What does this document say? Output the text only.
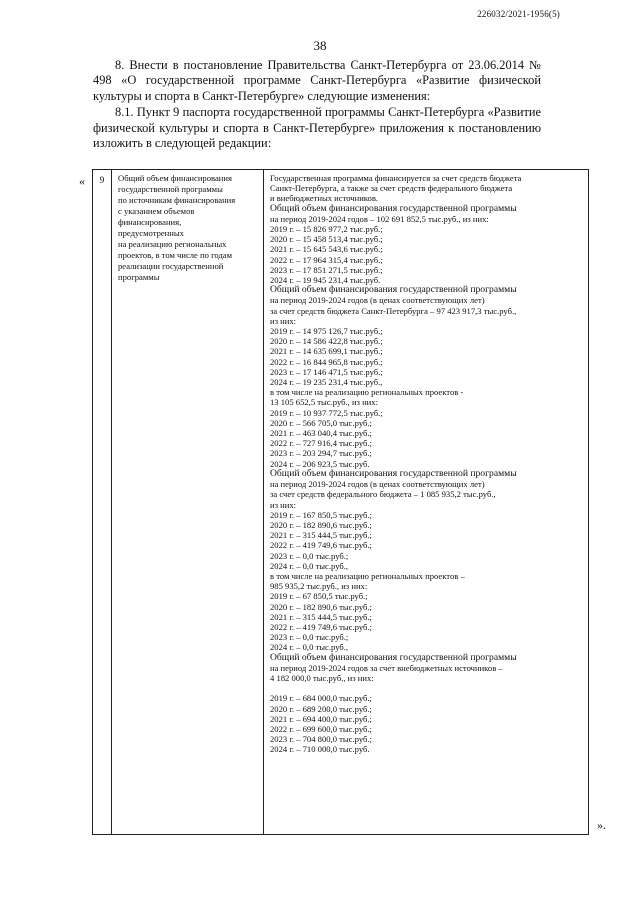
226032/2021-1956(5)
38

8. Внести в постановление Правительства Санкт-Петербурга от 23.06.2014 № 498 «О государственной программе Санкт-Петербурга «Развитие физической культуры и спорта в Санкт-Петербурге» следующие изменения:

8.1. Пункт 9 паспорта государственной программы Санкт-Петербурга «Развитие физической культуры и спорта в Санкт-Петербурге» приложения к постановлению изложить в следующей редакции:

«	9	Общий объем финансирования
государственной программы
по источникам финансирования
с указанием объемов
финансирования,
предусмотренных
на реализацию региональных
проектов, в том числе по годам
реализации государственной
программы
Государственная программа финансируется за счет средств бюджета
Санкт-Петербурга, а также за счет средств федерального бюджета
и внебюджетных источников.
Общий объем финансирования государственной программы
на период 2019-2024 годов – 102 691 852,5 тыс.руб., из них:
2019 г. – 15 826 977,2 тыс.руб.;
2020 г. – 15 458 513,4 тыс.руб.;
2021 г. – 15 645 543,6 тыс.руб.;
2022 г. – 17 964 315,4 тыс.руб.;
2023 г. – 17 851 271,5 тыс.руб.;
2024 г. – 19 945 231,4 тыс.руб.
Общий объем финансирования государственной программы
на период 2019-2024 годов (в ценах соответствующих лет)
за счет средств бюджета Санкт-Петербурга – 97 423 917,3 тыс.руб.,
из них:
2019 г. – 14 975 126,7 тыс.руб.;
2020 г. – 14 586 422,8 тыс.руб.;
2021 г. – 14 635 699,1 тыс.руб.;
2022 г. – 16 844 965,8 тыс.руб.;
2023 г. – 17 146 471,5 тыс.руб.;
2024 г. – 19 235 231,4 тыс.руб.,
в том числе на реализацию региональных проектов -
13 105 652,5 тыс.руб., из них:
2019 г. – 10 937 772,5 тыс.руб.;
2020 г. – 566 705,0 тыс.руб.;
2021 г. – 463 040,4 тыс.руб.;
2022 г. – 727 916,4 тыс.руб.;
2023 г. – 203 294,7 тыс.руб.;
2024 г. – 206 923,5 тыс.руб.
Общий объем финансирования государственной программы
на период 2019-2024 годов (в ценах соответствующих лет)
за счет средств федерального бюджета – 1 085 935,2 тыс.руб.,
из них:
2019 г. – 167 850,5 тыс.руб.;
2020 г. – 182 890,6 тыс.руб.;
2021 г. – 315 444,5 тыс.руб.;
2022 г. – 419 749,6 тыс.руб.;
2023 г. – 0,0 тыс.руб.;
2024 г. – 0,0 тыс.руб.,
в том числе на реализацию региональных проектов –
985 935,2 тыс.руб., из них:
2019 г. – 67 850,5 тыс.руб.;
2020 г. – 182 890,6 тыс.руб.;
2021 г. – 315 444,5 тыс.руб.;
2022 г. – 419 749,6 тыс.руб.;
2023 г. – 0,0 тыс.руб.;
2024 г. – 0,0 тыс.руб.,
Общий объем финансирования государственной программы
на период 2019-2024 годов за счет внебюджетных источников –
4 182 000,0 тыс.руб., из них:
2019 г. – 684 000,0 тыс.руб.;
2020 г. – 689 200,0 тыс.руб.;
2021 г. – 694 400,0 тыс.руб.;
2022 г. – 699 600,0 тыс.руб.;
2023 г. – 704 800,0 тыс.руб.;
2024 г. – 710 000,0 тыс.руб.
».
